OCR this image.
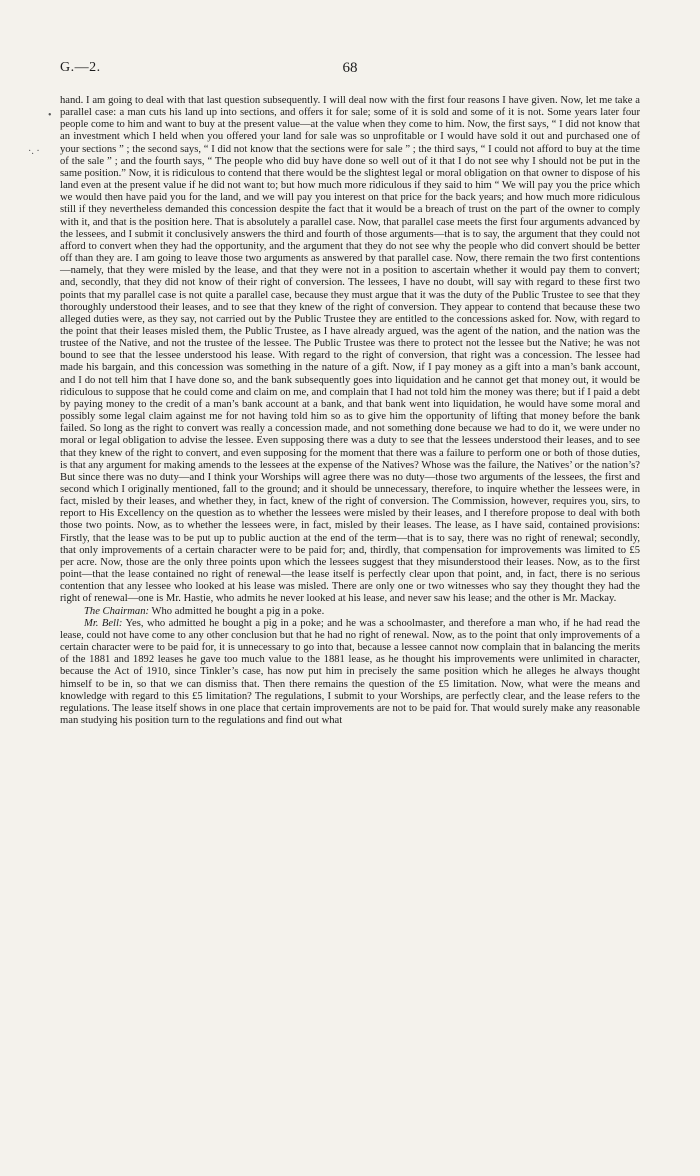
G.—2.	68
•
·. ·

hand. I am going to deal with that last question subsequently. I will deal now with the first four reasons I have given. Now, let me take a parallel case: a man cuts his land up into sections, and offers it for sale; some of it is sold and some of it is not. Some years later four people come to him and want to buy at the present value—at the value when they come to him. Now, the first says, “ I did not know that an investment which I held when you offered your land for sale was so unprofitable or I would have sold it out and purchased one of your sections ” ; the second says, “ I did not know that the sections were for sale ” ; the third says, “ I could not afford to buy at the time of the sale ” ; and the fourth says, “ The people who did buy have done so well out of it that I do not see why I should not be put in the same position.” Now, it is ridiculous to contend that there would be the slightest legal or moral obligation on that owner to dispose of his land even at the present value if he did not want to; but how much more ridiculous if they said to him “ We will pay you the price which we would then have paid you for the land, and we will pay you interest on that price for the back years; and how much more ridiculous still if they nevertheless demanded this concession despite the fact that it would be a breach of trust on the part of the owner to comply with it, and that is the position here. That is absolutely a parallel case. Now, that parallel case meets the first four arguments advanced by the lessees, and I submit it conclusively answers the third and fourth of those arguments—that is to say, the argument that they could not afford to convert when they had the opportunity, and the argument that they do not see why the people who did convert should be better off than they are. I am going to leave those two arguments as answered by that parallel case. Now, there remain the two first contentions—namely, that they were misled by the lease, and that they were not in a position to ascertain whether it would pay them to convert; and, secondly, that they did not know of their right of conversion. The lessees, I have no doubt, will say with regard to these first two points that my parallel case is not quite a parallel case, because they must argue that it was the duty of the Public Trustee to see that they thoroughly understood their leases, and to see that they knew of the right of conversion. They appear to contend that because these two alleged duties were, as they say, not carried out by the Public Trustee they are entitled to the concessions asked for. Now, with regard to the point that their leases misled them, the Public Trustee, as I have already argued, was the agent of the nation, and the nation was the trustee of the Native, and not the trustee of the lessee. The Public Trustee was there to protect not the lessee but the Native; he was not bound to see that the lessee understood his lease. With regard to the right of conversion, that right was a concession. The lessee had made his bargain, and this concession was something in the nature of a gift. Now, if I pay money as a gift into a man’s bank account, and I do not tell him that I have done so, and the bank subsequently goes into liquidation and he cannot get that money out, it would be ridiculous to suppose that he could come and claim on me, and complain that I had not told him the money was there; but if I paid a debt by paying money to the credit of a man’s bank account at a bank, and that bank went into liquidation, he would have some moral and possibly some legal claim against me for not having told him so as to give him the opportunity of lifting that money before the bank failed. So long as the right to convert was really a concession made, and not something done because we had to do it, we were under no moral or legal obligation to advise the lessee. Even supposing there was a duty to see that the lessees understood their leases, and to see that they knew of the right to convert, and even supposing for the moment that there was a failure to perform one or both of those duties, is that any argument for making amends to the lessees at the expense of the Natives? Whose was the failure, the Natives’ or the nation’s? But since there was no duty—and I think your Worships will agree there was no duty—those two arguments of the lessees, the first and second which I originally mentioned, fall to the ground; and it should be unnecessary, therefore, to inquire whether the lessees were, in fact, misled by their leases, and whether they, in fact, knew of the right of conversion. The Commission, however, requires you, sirs, to report to His Excellency on the question as to whether the lessees were misled by their leases, and I therefore propose to deal with both those two points. Now, as to whether the lessees were, in fact, misled by their leases. The lease, as I have said, contained provisions: Firstly, that the lease was to be put up to public auction at the end of the term—that is to say, there was no right of renewal; secondly, that only improvements of a certain character were to be paid for; and, thirdly, that compensation for improvements was limited to £5 per acre. Now, those are the only three points upon which the lessees suggest that they misunderstood their leases. Now, as to the first point—that the lease contained no right of renewal—the lease itself is perfectly clear upon that point, and, in fact, there is no serious contention that any lessee who looked at his lease was misled. There are only one or two witnesses who say they thought they had the right of renewal—one is Mr. Hastie, who admits he never looked at his lease, and never saw his lease; and the other is Mr. Mackay.

The Chairman: Who admitted he bought a pig in a poke.

Mr. Bell: Yes, who admitted he bought a pig in a poke; and he was a schoolmaster, and therefore a man who, if he had read the lease, could not have come to any other conclusion but that he had no right of renewal. Now, as to the point that only improvements of a certain character were to be paid for, it is unnecessary to go into that, because a lessee cannot now complain that in balancing the merits of the 1881 and 1892 leases he gave too much value to the 1881 lease, as he thought his improvements were unlimited in character, because the Act of 1910, since Tinkler’s case, has now put him in precisely the same position which he alleges he always thought himself to be in, so that we can dismiss that. Then there remains the question of the £5 limitation. Now, what were the means and knowledge with regard to this £5 limitation? The regulations, I submit to your Worships, are perfectly clear, and the lease refers to the regulations. The lease itself shows in one place that certain improvements are not to be paid for. That would surely make any reasonable man studying his position turn to the regulations and find out what
